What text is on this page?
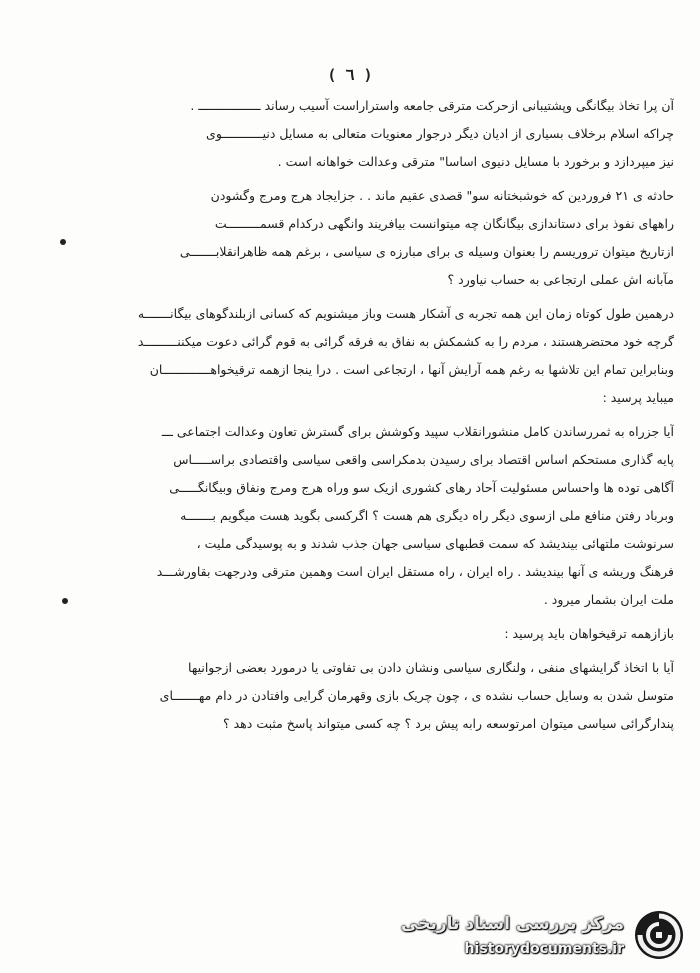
( ٦ )
آن پرا تخاذ بیگانگی وپشتیبانی ازحرکت مترقی جامعه واستراراست آسیب رساند ـــــــــــــــــ .
چراکه اسلام برخلاف بسیاری از ادیان دیگر درجوار معنویات متعالی به مسایل دنیـــــــــــوی
نیز میپردازد و برخورد با مسایل دنیوی اساسا" مترقی وعدالت خواهانه است .
حادثه ی ٢١ فروردین که خوشبختانه سو" قصدی عقیم ماند . . جزایجاد هرج ومرج وگشودن
راههای نفوذ برای دستاندازی بیگانگان چه میتوانست بیافریند وانگهی درکدام قسمـــــــــت
ازتاریخ میتوان تروریسم را بعنوان وسیله ی برای مبارزه ی سیاسی ، برغم همه ظاهرانقلابـــــــی
مآبانه اش عملی ارتجاعی به حساب نیاورد ؟
درهمین طول کوتاه زمان این همه تجربه ی آشکار هست وباز میشنویم که کسانی ازبلندگوهای بیگانـــــــه
گرچه خود محتضرهستند ، مردم را به کشمکش به نفاق به فرقه گرائی به قوم گرائی دعوت میکننـــــــــد
وبنابراین تمام این تلاشها به رغم همه آرایش آنها ، ارتجاعی است . درا ینجا ازهمه ترقیخواهـــــــــــــان
میباید پرسید :
آیا جزراه به ثمررساندن کامل منشورانقلاب سپید وکوشش برای گسترش تعاون وعدالت اجتماعی ـــ
پایه گذاری مستحکم اساس اقتصاد برای رسیدن بدمکراسی واقعی سیاسی واقتصادی براســـــاس
آگاهی توده ها واحساس مسئولیت آحاد رهای کشوری ازیک سو وراه هرج ومرج ونفاق وبیگانگـــــی
وبرباد رفتن منافع ملی ازسوی دیگر راه دیگری هم هست ؟ اگرکسی بگوید هست میگویم بـــــــه
سرنوشت ملتهائی بیندیشد که سمت قطبهای سیاسی جهان جذب شدند و به پوسیدگی ملیت ،
فرهنگ وریشه ی آنها بیندیشد . راه ایران ، راه مستقل ایران است وهمین مترقی ودرجهت بقاورشـــد
ملت ایران بشمار میرود .
بازازهمه ترقیخواهان باید پرسید :
آیا با اتخاذ گرایشهای منفی ، ولنگاری سیاسی ونشان دادن بی تفاوتی یا درمورد بعضی ازجوانیها
متوسل شدن به وسایل حساب نشده ی ، چون چریک بازی وقهرمان گرایی وافتادن در دام مهـــــــای
پندارگرائی سیاسی میتوان امرتوسعه رابه پیش برد ؟ چه کسی میتواند پاسخ مثبت دهد ؟
مرکز بررسی اسناد تاریخی
historydocuments.ir
